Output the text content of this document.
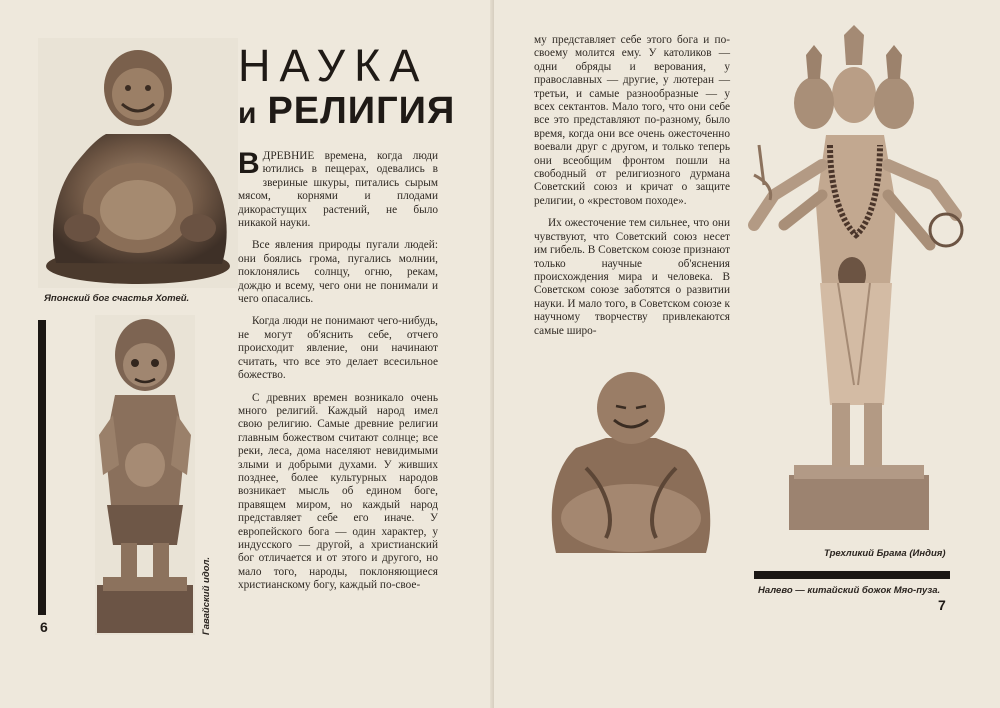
Японский бог счастья Хотей.
Гавайский идол.
6
НАУКА
и РЕЛИГИЯ

ВДРЕВНИЕ времена, когда люди ютились в пещерах, одевались в звериные шкуры, питались сырым мясом, корнями и плодами дикорастущих растений, не было никакой науки.

Все явления природы пугали людей: они боялись грома, пугались молнии, поклонялись солнцу, огню, рекам, дождю и всему, чего они не понимали и чего опасались.

Когда люди не понимают чего-нибудь, не могут об'яснить себе, отчего происходит явление, они начинают считать, что все это делает всесильное божество.

С древних времен возникало очень много религий. Каждый народ имел свою религию. Самые древние религии главным божеством считают солнце; все реки, леса, дома населяют невидимыми злыми и добрыми духами. У живших позднее, более культурных народов возникает мысль об едином боге, правящем миром, но каждый народ представляет себе его иначе. У европейского бога — один характер, у индусского — другой, а христианский бог отличается и от этого и другого, но мало того, народы, поклоняющиеся христианскому богу, каждый по-свое-

му представляет себе этого бога и по-своему молится ему. У католиков — одни обряды и верования, у православных — другие, у лютеран — третьи, и самые разнообразные — у всех сектантов. Мало того, что они себе все это представляют по-разному, было время, когда они все очень ожесточенно воевали друг с другом, и только теперь они всеобщим фронтом пошли на свободный от религиозного дурмана Советский союз и кричат о защите религии, о «крестовом походе».

Их ожесточение тем сильнее, что они чувствуют, что Советский союз несет им гибель. В Советском союзе признают только научные об'яснения происхождения мира и человека. В Советском союзе заботятся о развитии науки. И мало того, в Советском союзе к научному творчеству привлекаются самые широ-

Трехликий Брама (Индия)
Налево — китайский божок Мяо-пуза.
7
